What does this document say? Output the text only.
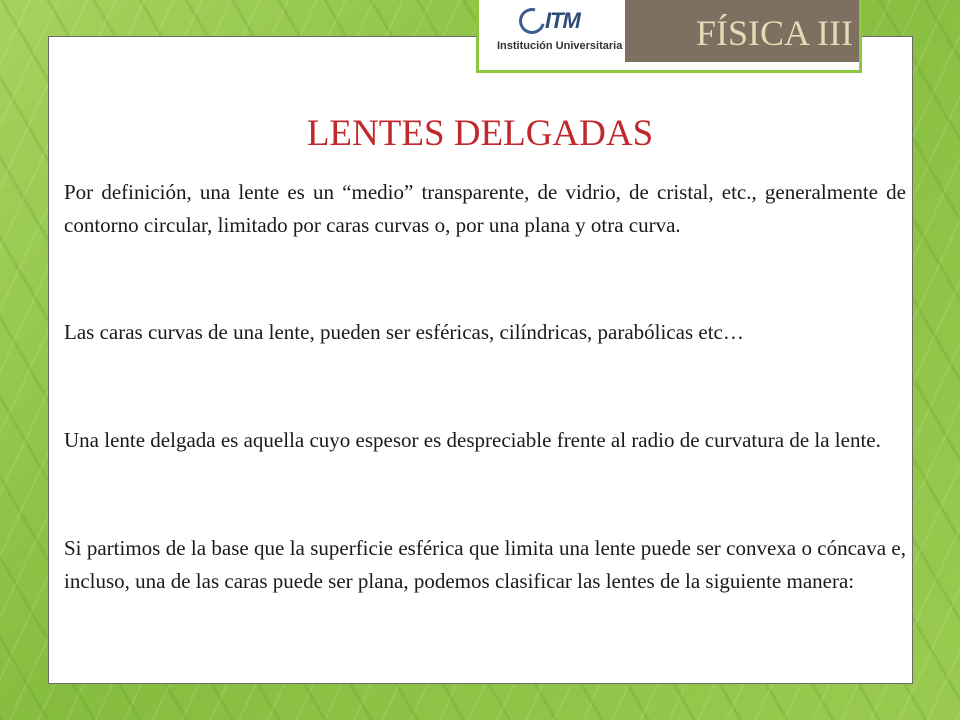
ITM
Institución Universitaria FÍSICA III
LENTES DELGADAS
Por definición, una lente es un “medio” transparente, de vidrio, de cristal, etc., generalmente de contorno circular, limitado por caras curvas o, por una plana y otra curva.
Las caras curvas de una lente, pueden ser esféricas, cilíndricas, parabólicas etc…
Una lente delgada es aquella cuyo espesor es despreciable frente al radio de curvatura de la lente.
Si partimos de la base que la superficie esférica que limita una lente puede ser convexa o cóncava e, incluso, una de las caras puede ser plana, podemos clasificar las lentes de la siguiente manera:
